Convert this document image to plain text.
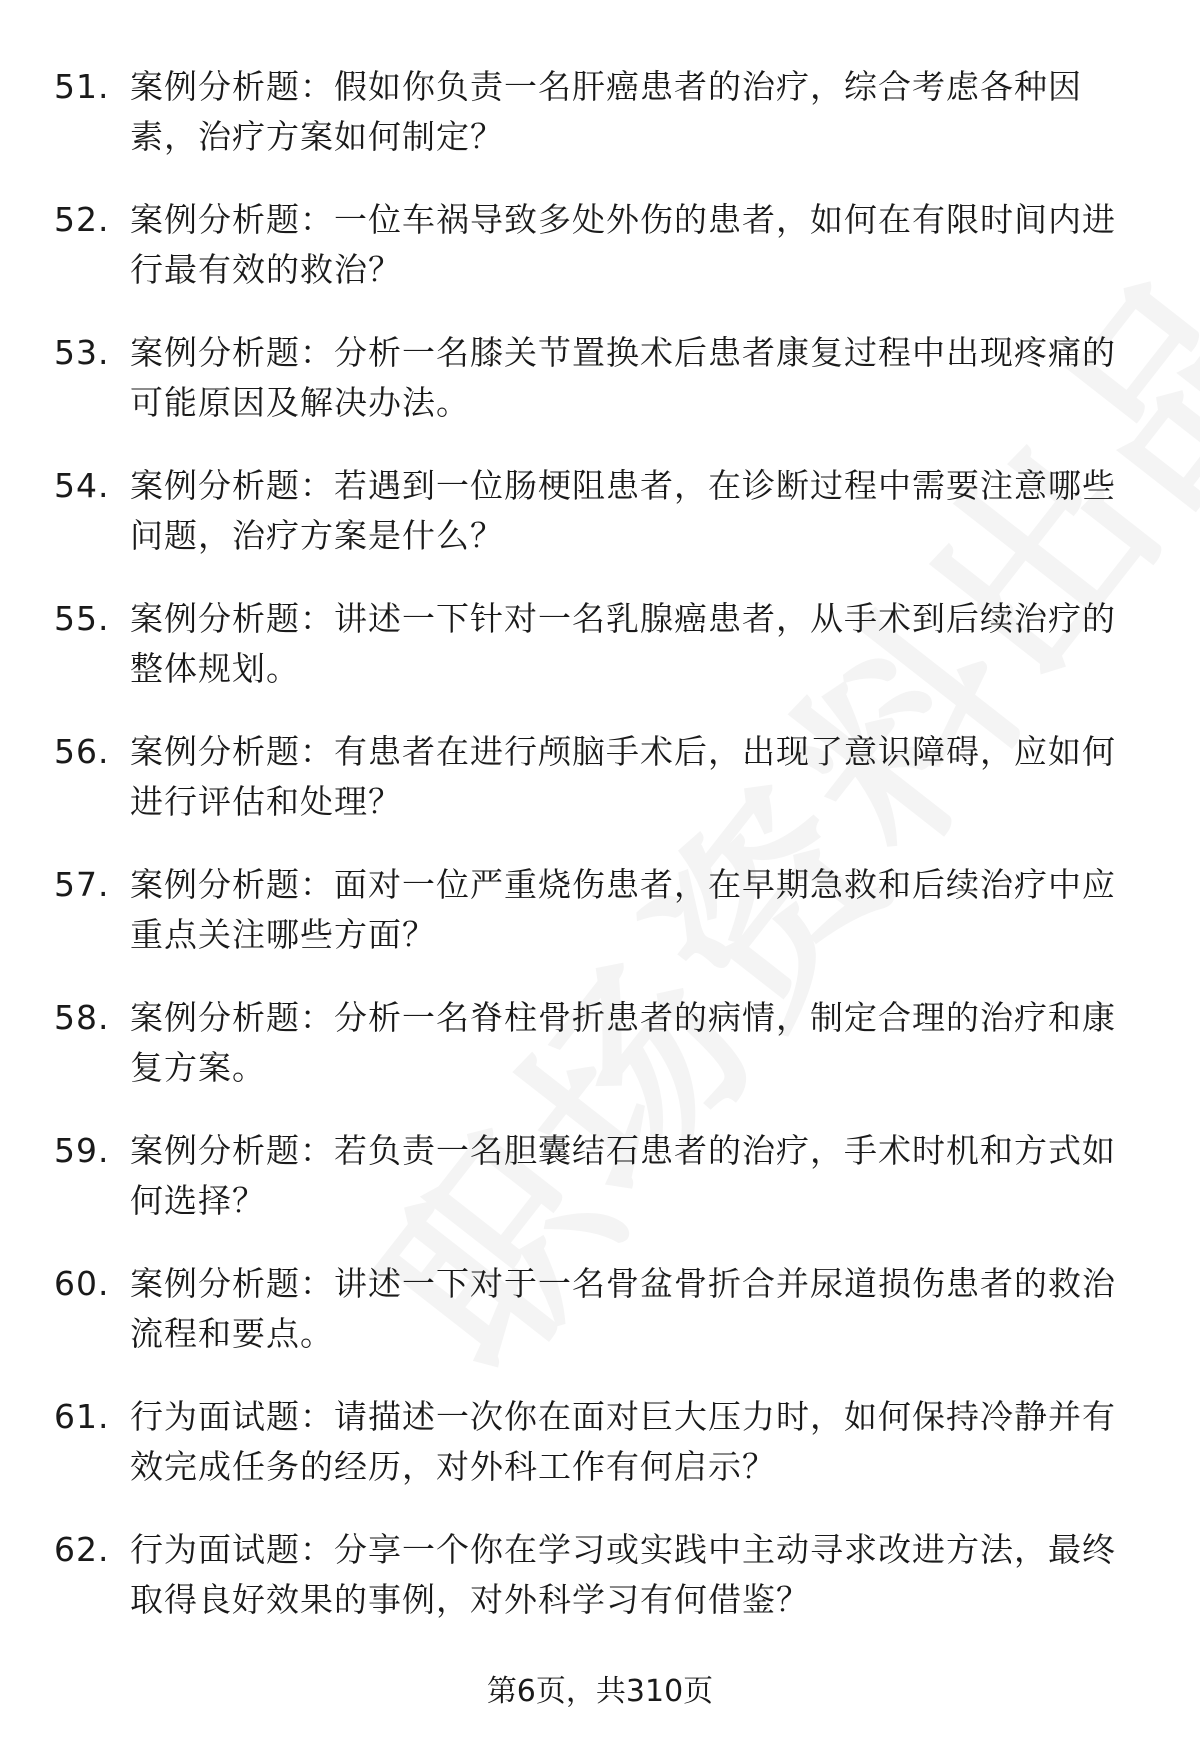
51. 案例分析题：假如你负责一名肝癌患者的治疗，综合考虑各种因素，治疗方案如何制定？
52. 案例分析题：一位车祸导致多处外伤的患者，如何在有限时间内进行最有效的救治？
53. 案例分析题：分析一名膝关节置换术后患者康复过程中出现疼痛的可能原因及解决办法。
54. 案例分析题：若遇到一位肠梗阻患者，在诊断过程中需要注意哪些问题，治疗方案是什么？
55. 案例分析题：讲述一下针对一名乳腺癌患者，从手术到后续治疗的整体规划。
56. 案例分析题：有患者在进行颅脑手术后，出现了意识障碍，应如何进行评估和处理？
57. 案例分析题：面对一位严重烧伤患者，在早期急救和后续治疗中应重点关注哪些方面？
58. 案例分析题：分析一名脊柱骨折患者的病情，制定合理的治疗和康复方案。
59. 案例分析题：若负责一名胆囊结石患者的治疗，手术时机和方式如何选择？
60. 案例分析题：讲述一下对于一名骨盆骨折合并尿道损伤患者的救治流程和要点。
61. 行为面试题：请描述一次你在面对巨大压力时，如何保持冷静并有效完成任务的经历，对外科工作有何启示？
62. 行为面试题：分享一个你在学习或实践中主动寻求改进方法，最终取得良好效果的事例，对外科学习有何借鉴？
第6页，共310页
